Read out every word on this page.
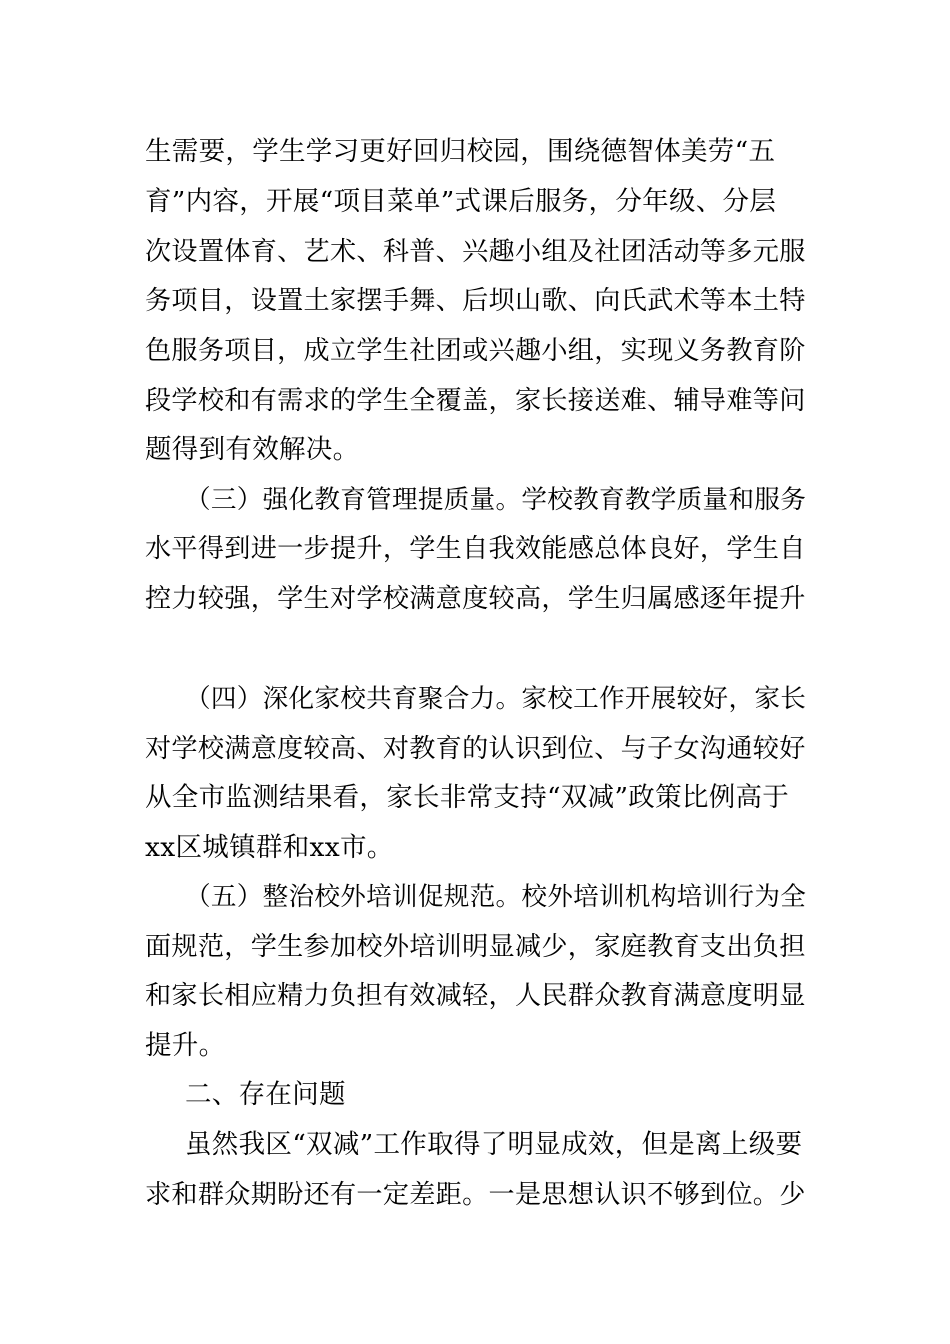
生需要，学生学习更好回归校园，围绕德智体美劳“五
育”内容，开展“项目菜单”式课后服务，分年级、分层
次设置体育、艺术、科普、兴趣小组及社团活动等多元服
务项目，设置土家摆手舞、后坝山歌、向氏武术等本土特
色服务项目，成立学生社团或兴趣小组，实现义务教育阶
段学校和有需求的学生全覆盖，家长接送难、辅导难等问
题得到有效解决。
（三）强化教育管理提质量。学校教育教学质量和服务
水平得到进一步提升，学生自我效能感总体良好，学生自
控力较强，学生对学校满意度较高，学生归属感逐年提升
（四）深化家校共育聚合力。家校工作开展较好，家长
对学校满意度较高、对教育的认识到位、与子女沟通较好
从全市监测结果看，家长非常支持“双减”政策比例高于
xx区城镇群和xx市。
（五）整治校外培训促规范。校外培训机构培训行为全
面规范，学生参加校外培训明显减少，家庭教育支出负担
和家长相应精力负担有效减轻，人民群众教育满意度明显
提升。
二、存在问题
虽然我区“双减”工作取得了明显成效，但是离上级要
求和群众期盼还有一定差距。一是思想认识不够到位。少
